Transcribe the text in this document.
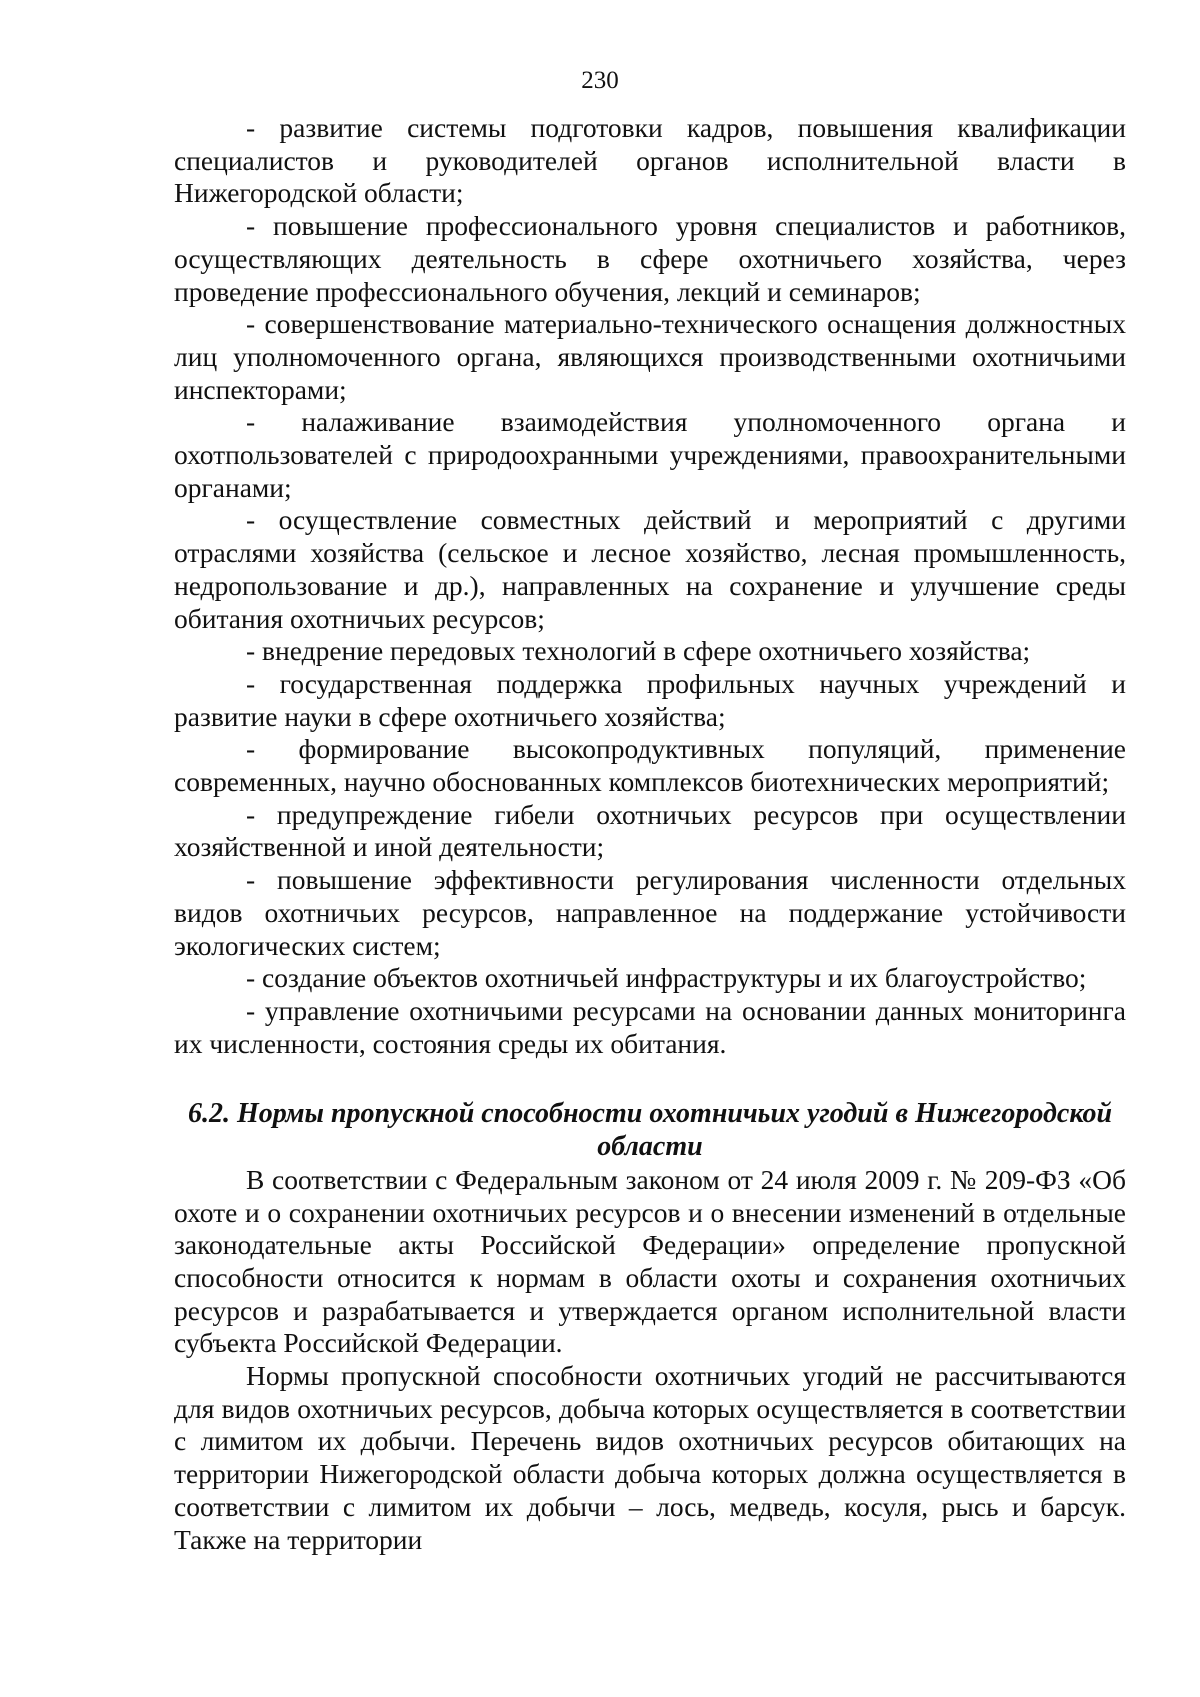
230

- развитие системы подготовки кадров, повышения квалификации специалистов и руководителей органов исполнительной власти в Нижегородской области;

- повышение профессионального уровня специалистов и работников, осуществляющих деятельность в сфере охотничьего хозяйства, через проведение профессионального обучения, лекций и семинаров;

- совершенствование материально-технического оснащения должностных лиц уполномоченного органа, являющихся производственными охотничьими инспекторами;

- налаживание взаимодействия уполномоченного органа и охотпользователей с природоохранными учреждениями, правоохранительными органами;

- осуществление совместных действий и мероприятий с другими отраслями хозяйства (сельское и лесное хозяйство, лесная промышленность, недропользование и др.), направленных на сохранение и улучшение среды обитания охотничьих ресурсов;

- внедрение передовых технологий в сфере охотничьего хозяйства;

- государственная поддержка профильных научных учреждений и развитие науки в сфере охотничьего хозяйства;

- формирование высокопродуктивных популяций, применение современных, научно обоснованных комплексов биотехнических мероприятий;

- предупреждение гибели охотничьих ресурсов при осуществлении хозяйственной и иной деятельности;

- повышение эффективности регулирования численности отдельных видов охотничьих ресурсов, направленное на поддержание устойчивости экологических систем;

- создание объектов охотничьей инфраструктуры и их благоустройство;

- управление охотничьими ресурсами на основании данных мониторинга их численности, состояния среды их обитания.

6.2. Нормы пропускной способности охотничьих угодий в Нижегородской области

В соответствии с Федеральным законом от 24 июля 2009 г. № 209-ФЗ «Об охоте и о сохранении охотничьих ресурсов и о внесении изменений в отдельные законодательные акты Российской Федерации» определение пропускной способности относится к нормам в области охоты и сохранения охотничьих ресурсов и разрабатывается и утверждается органом исполнительной власти субъекта Российской Федерации.

Нормы пропускной способности охотничьих угодий не рассчитываются для видов охотничьих ресурсов, добыча которых осуществляется в соответствии с лимитом их добычи. Перечень видов охотничьих ресурсов обитающих на территории Нижегородской области добыча которых должна осуществляется в соответствии с лимитом их добычи – лось, медведь, косуля, рысь и барсук. Также на территории
